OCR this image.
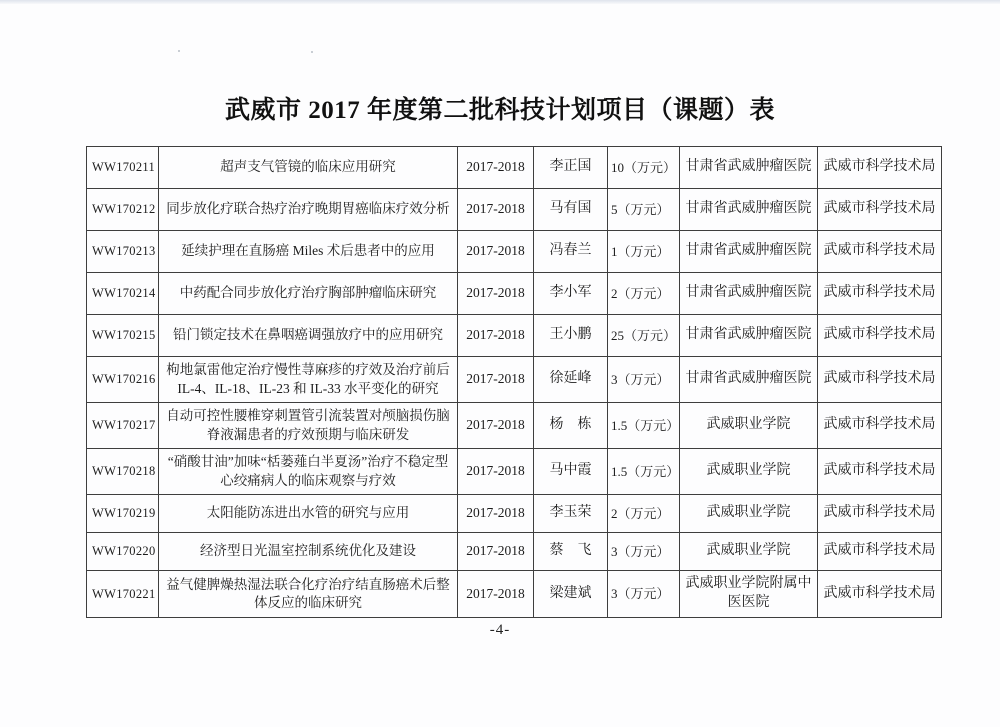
武威市 2017 年度第二批科技计划项目（课题）表
WW170211	超声支气管镜的临床应用研究	2017-2018	李正国	10（万元）	甘肃省武威肿瘤医院	武威市科学技术局
WW170212	同步放化疗联合热疗治疗晚期胃癌临床疗效分析	2017-2018	马有国	5（万元）	甘肃省武威肿瘤医院	武威市科学技术局
WW170213	延续护理在直肠癌 Miles 术后患者中的应用	2017-2018	冯春兰	1（万元）	甘肃省武威肿瘤医院	武威市科学技术局
WW170214	中药配合同步放化疗治疗胸部肿瘤临床研究	2017-2018	李小军	2（万元）	甘肃省武威肿瘤医院	武威市科学技术局
WW170215	铅门锁定技术在鼻咽癌调强放疗中的应用研究	2017-2018	王小鹏	25（万元）	甘肃省武威肿瘤医院	武威市科学技术局
WW170216	枸地氯雷他定治疗慢性荨麻疹的疗效及治疗前后 IL-4、IL-18、IL-23 和 IL-33 水平变化的研究	2017-2018	徐延峰	3（万元）	甘肃省武威肿瘤医院	武威市科学技术局
WW170217	自动可控性腰椎穿刺置管引流装置对颅脑损伤脑脊液漏患者的疗效预期与临床研发	2017-2018	杨　栋	1.5（万元）	武威职业学院	武威市科学技术局
WW170218	“硝酸甘油”加味“栝蒌薤白半夏汤”治疗不稳定型心绞痛病人的临床观察与疗效	2017-2018	马中霞	1.5（万元）	武威职业学院	武威市科学技术局
WW170219	太阳能防冻进出水管的研究与应用	2017-2018	李玉荣	2（万元）	武威职业学院	武威市科学技术局
WW170220	经济型日光温室控制系统优化及建设	2017-2018	蔡　飞	3（万元）	武威职业学院	武威市科学技术局
WW170221	益气健脾燥热湿法联合化疗治疗结直肠癌术后整体反应的临床研究	2017-2018	梁建斌	3（万元）	武威职业学院附属中医医院	武威市科学技术局
-4-
